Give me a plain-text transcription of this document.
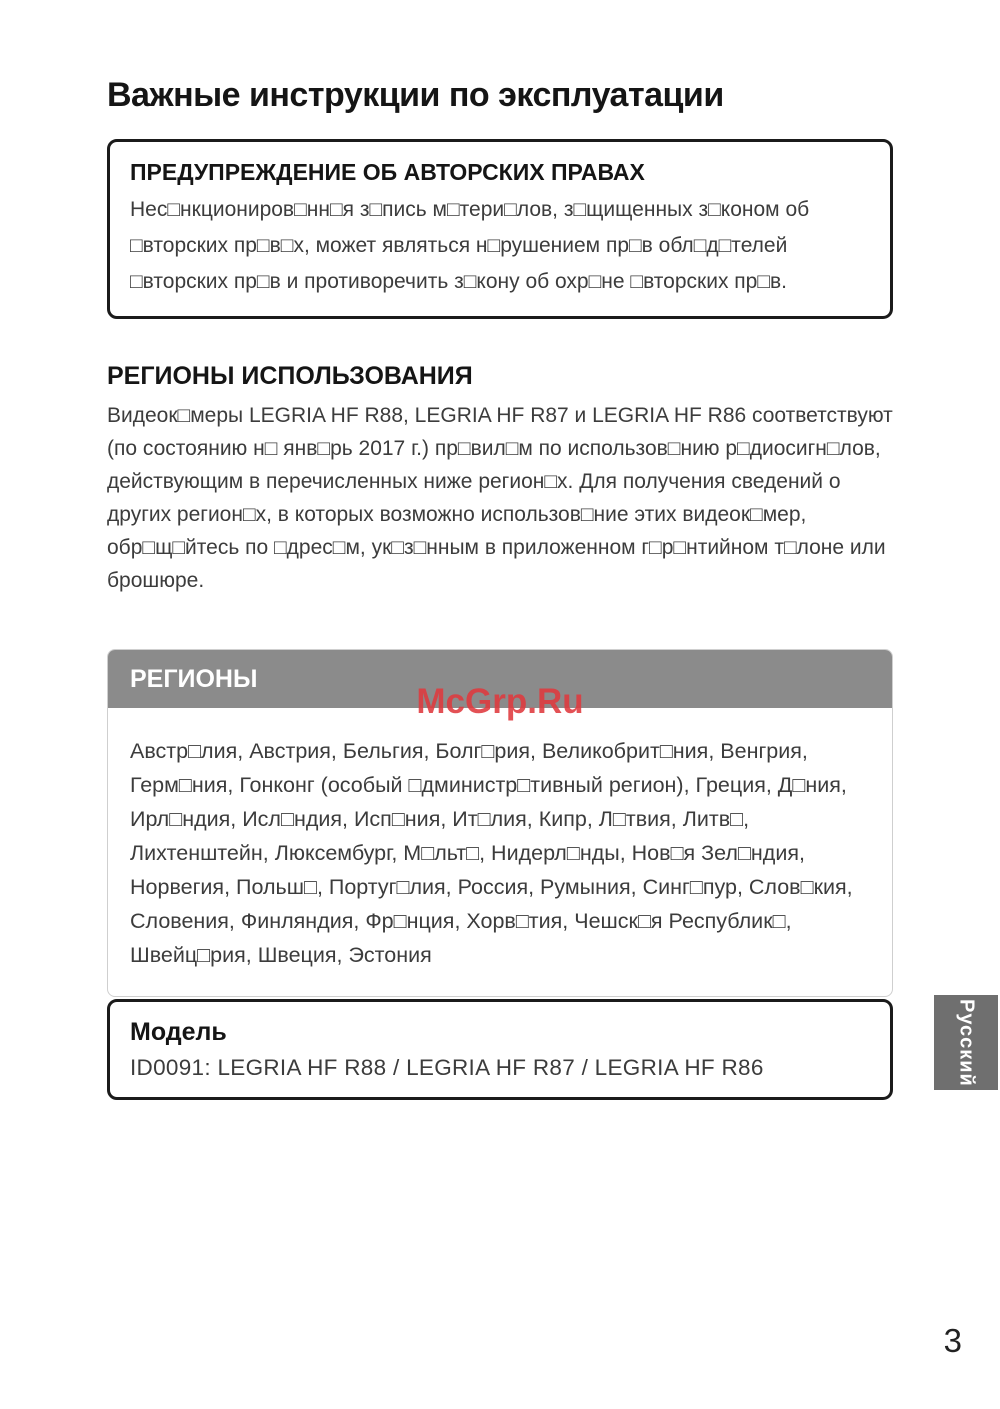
Важные инструкции по эксплуатации
ПРЕДУПРЕЖДЕНИЕ ОБ АВТОРСКИХ ПРАВАХ
Нес□нкциониров□нн□я з□пись м□тери□лов, з□щищенных з□коном об □вторских пр□в□х, может являться н□рушением пр□в обл□д□телей □вторских пр□в и противоречить з□кону об охр□не □вторских пр□в.
РЕГИОНЫ ИСПОЛЬЗОВАНИЯ

Видеок□меры LEGRIA HF R88, LEGRIA HF R87 и LEGRIA HF R86 соответствуют (по состоянию н□ янв□рь 2017 г.) пр□вил□м по использов□нию р□диосигн□лов, действующим в перечисленных ниже регион□х. Для получения сведений о других регион□х, в которых возможно использов□ние этих видеок□мер, обр□щ□йтесь по □дрес□м, ук□з□нным в приложенном г□р□нтийном т□лоне или брошюре.

РЕГИОНЫ
McGrp.Ru
Австр□лия, Австрия, Бельгия, Болг□рия, Великобрит□ния, Венгрия, Герм□ния, Гонконг (особый □дминистр□тивный регион), Греция, Д□ния, Ирл□ндия, Исл□ндия, Исп□ния, Ит□лия, Кипр, Л□твия, Литв□, Лихтенштейн, Люксембург, М□льт□, Нидерл□нды, Нов□я Зел□ндия, Норвегия, Польш□, Португ□лия, Россия, Румыния, Синг□пур, Слов□кия, Словения, Финляндия, Фр□нция, Хорв□тия, Чешск□я Республик□, Швейц□рия, Швеция, Эстония
Модель
ID0091: LEGRIA HF R88 / LEGRIA HF R87 / LEGRIA HF R86	Русский
3
